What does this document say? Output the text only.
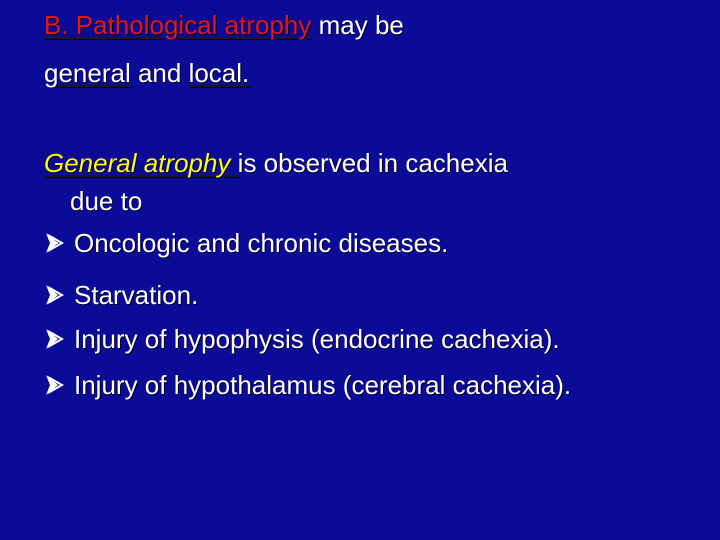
B. Pathological atrophy may be
general and local.
General atrophy is observed in cachexia
due to
Oncologic and chronic diseases.
Starvation.
Injury of hypophysis (endocrine cachexia).
Injury of hypothalamus (cerebral cachexia).
